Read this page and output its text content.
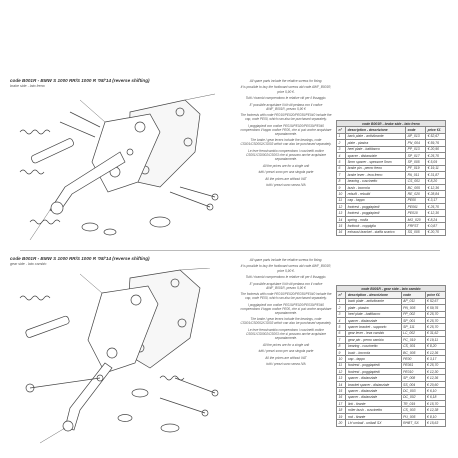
code B001R - BMW S 1000 RR/S 1000 R '08/'14 (reverse shifting)
brake side - lato freno

All spare parts include the relative screws for fixing.

It is possible to buy the footboard screws ald code AWF_B001R, price 5,90 €.

Tutti i ricambi comprendono le relative viti per il fissaggio.

E' possibile acquistare il kit viti pedana con il codice AWF_B001R, prezzo 5,90 €

The footrests with code PE010/PE020/PE030/PE040 include the cap, code PE00, which can also be purchased separately.

I poggiapiedi con codice PE010/PE020/PE030/PE040 comprendono il tappo codice PE00, che si può anche acquistare separatamente.

The brake / gear levers include the bearings, code CS001/CS0002/CS003 which can also be purchased separately.

Le leve freno/cambio comprendono i cuscinetti codice CS001/CS0002/CS003 che si possono anche acquistare separatamente.

All the prices are for a single unit

tutti i prezzi sono per una singola parte

All the prices are without VAT

tutti i prezzi sono senza IVA

code B001R - brake side - lato freno			
n°	description - descrizione	code	price €£
1	back plate - antivibrante	AP_013	€ 52,67
2	plate - piastra	PN_004	€ 59,76
3	heel plate - battitacco	PP_013	€ 20,90
4	spacer - distanziale	SP_017	€ 25,70
5	5mm spacer - spessore 5mm	SP_005	€ 5,09
6	brake pin - perno freno	PF_019	€ 19,11
7	brake lever - leva freno	PA_011	€ 31,87
8	bearing - cuscinetto	CS_001	€ 8,20
9	bush - boccola	BC_005	€ 12,36
10	rebuilt - rebuild	RE_020	€ 28,84
11	cap - tappo	PE00	€ 3,17
12	footrest - poggiapiedi	PE061	€ 25,70
13	footrest - poggiapiedi	PE010	€ 12,30
14	spring - molla	MO_020	€ 8,24
15	forkiock - coppiglia	FRFST	€ 0,87
16	exhaust bracket - staffa scarico	SS_005	€ 20,70
code B001R - BMW S 1000 RR/S 1000 R '08/'14 (reverse shifting)
gear side - lato cambio

All spare parts include the relative screws for fixing.

It is possible to buy the footboard screws ald code AWF_B001R, price 5,90 €.

Tutti i ricambi comprendono le relative viti per il fissaggio.

E' possibile acquistare il kit viti pedana con il codice AWF_B001R, prezzo 5,90 €

The footrests with code PE010/PE020/PE030/PE040 include the cap, code PE00, which can also be purchased separately.

I poggiapiedi con codice PE010/PE020/PE030/PE040 comprendono il tappo codice PE00, che si può anche acquistare separatamente.

The brake / gear levers include the bearings, code CS001/CS0002/CS003 which can also be purchased separately.

Le leve freno/cambio comprendono i cuscinetti codice CS001/CS0002/CS003 che si possono anche acquistare separatamente.

All the prices are for a single unit

tutti i prezzi sono per una singola parte

All the prices are without VAT

tutti i prezzi sono senza IVA

code B001R - gear side - lato cambio			
n°	description - descrizione	code	price €£
1	back plate - antivibrante	AP_011	€ 52,67
2	plate - piastra	PN_005	€ 59,76
3	heel plate - battitacco	PP_002	€ 25,70
4	spacer - distanziale	SP_001	€ 25,70
5	spacer bracket - supporto	SP_111	€ 25,70
6	gear lever - leva cambio	LC_002	€ 31,62
7	gear pin - perno cambio	PC_019	€ 19,11
8	bearing - cuscinetto	CS_001	€ 8,20
9	bush - boccola	BC_005	€ 12,36
10	cap - tappo	PE00	€ 3,17
11	footrest - poggiapiedi	PE061	€ 25,70
12	footrest - poggiapiedi	PE010	€ 12,30
13	spacer - distanziale	SP_008	€ 12,36
14	bracket spacer - distanziale	SS_004	€ 20,60
15	spacer - distanziale	DC_003	€ 6,10
16	spacer - distanziale	DC_002	€ 6,18
17	link - tirante	TR_019	€ 15,70
18	roller bush - cuscinetto	CS_003	€ 12,38
19	rod - tirante	PU_005	€ 8,10
20	LH umbail - uniball SX	RHBT_SX	€ 15,63
